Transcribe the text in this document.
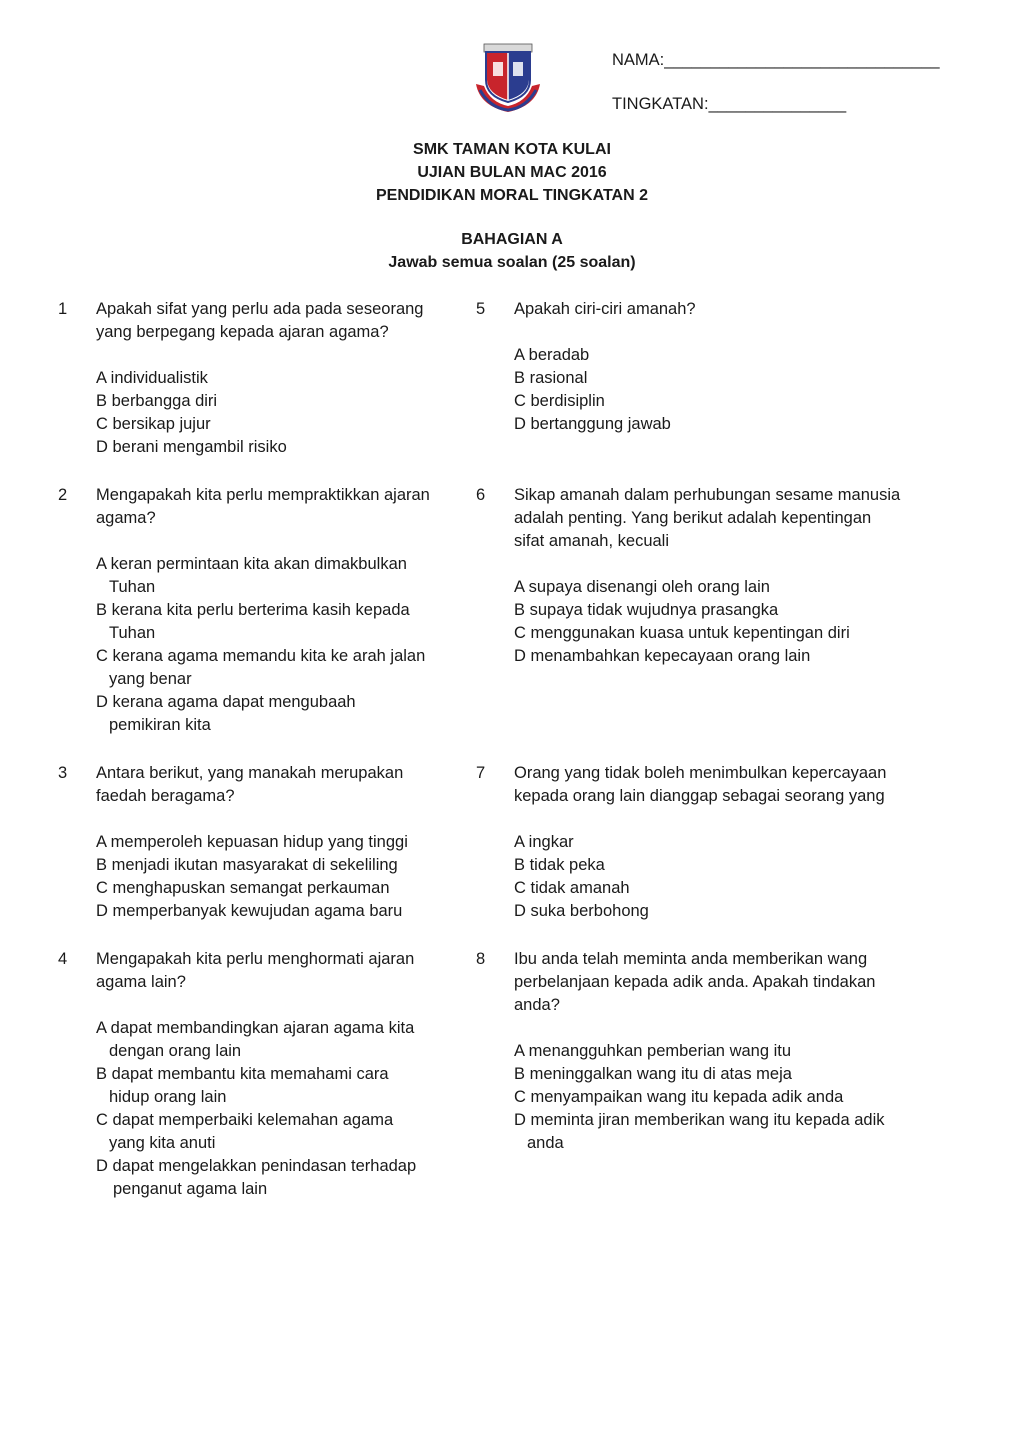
NAMA:______________________________
TINGKATAN:_______________
SMK TAMAN KOTA KULAI
UJIAN BULAN MAC 2016
PENDIDIKAN MORAL TINGKATAN 2
BAHAGIAN A
Jawab semua soalan (25 soalan)
1 Apakah sifat yang perlu ada pada seseorang
yang berpegang kepada ajaran agama?
A individualistik
B berbangga diri
C bersikap jujur
D berani mengambil risiko
2 Mengapakah kita perlu mempraktikkan ajaran
agama?
A keran permintaan kita akan dimakbulkan
Tuhan
B kerana kita perlu berterima kasih kepada
Tuhan
C kerana agama memandu kita ke arah jalan
yang benar
D kerana agama dapat mengubaah
pemikiran kita
3 Antara berikut, yang manakah merupakan
faedah beragama?
A memperoleh kepuasan hidup yang tinggi
B menjadi ikutan masyarakat di sekeliling
C menghapuskan semangat perkauman
D memperbanyak kewujudan agama baru
4 Mengapakah kita perlu menghormati ajaran
agama lain?
A dapat membandingkan ajaran agama kita
dengan orang lain
B dapat membantu kita memahami cara
hidup orang lain
C dapat memperbaiki kelemahan agama
yang kita anuti
D dapat mengelakkan penindasan terhadap
penganut agama lain
5 Apakah ciri-ciri amanah?
A beradab
B rasional
C berdisiplin
D bertanggung jawab
6 Sikap amanah dalam perhubungan sesame manusia
adalah penting. Yang berikut adalah kepentingan
sifat amanah, kecuali
A supaya disenangi oleh orang lain
B supaya tidak wujudnya prasangka
C menggunakan kuasa untuk kepentingan diri
D menambahkan kepecayaan orang lain
7 Orang yang tidak boleh menimbulkan kepercayaan
kepada orang lain dianggap sebagai seorang yang
A ingkar
B tidak peka
C tidak amanah
D suka berbohong
8 Ibu anda telah meminta anda memberikan wang
perbelanjaan kepada adik anda. Apakah tindakan
anda?
A menangguhkan pemberian wang itu
B meninggalkan wang itu di atas meja
C menyampaikan wang itu kepada adik anda
D meminta jiran memberikan wang itu kepada adik
anda
